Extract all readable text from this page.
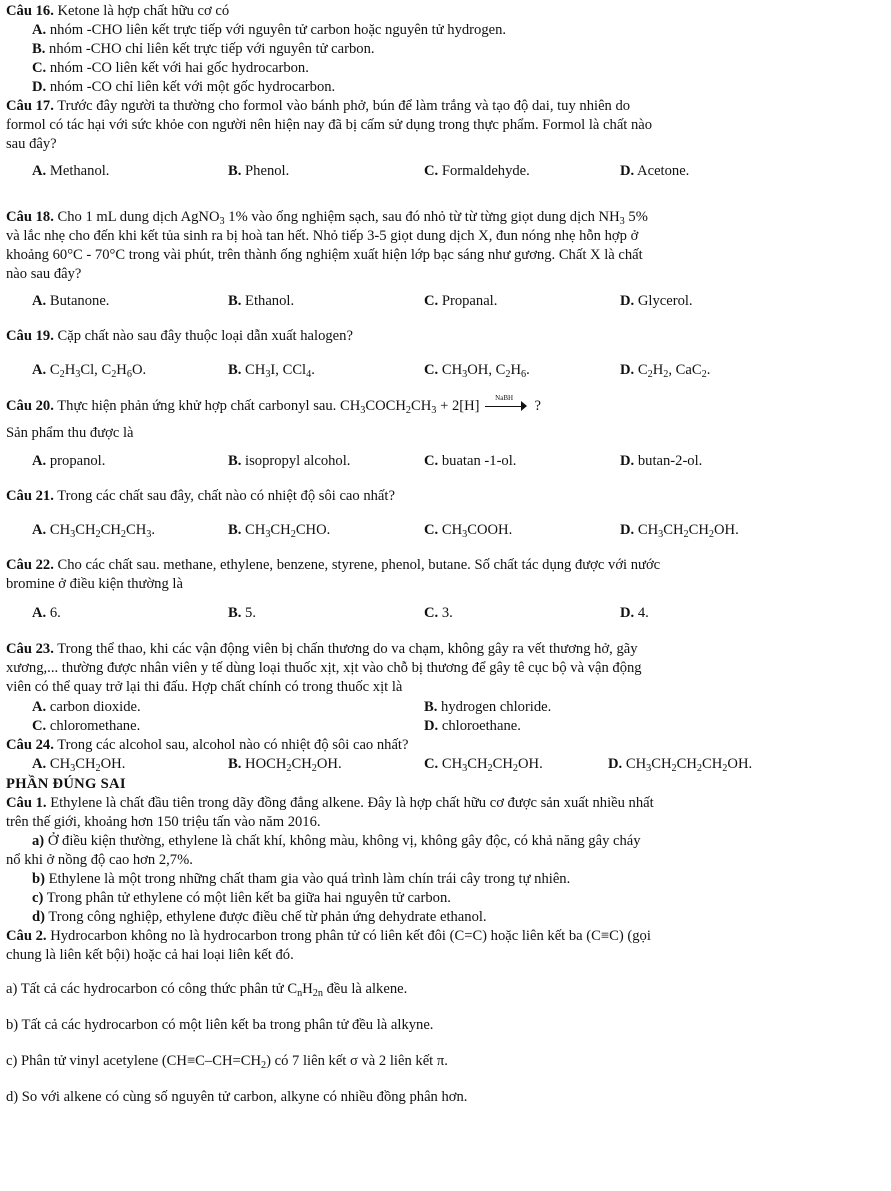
Câu 16. Ketone là hợp chất hữu cơ có
A. nhóm -CHO liên kết trực tiếp với nguyên tử carbon hoặc nguyên tử hydrogen.
B. nhóm -CHO chỉ liên kết trực tiếp với nguyên tử carbon.
C. nhóm -CO liên kết với hai gốc hydrocarbon.
D. nhóm -CO chỉ liên kết với một gốc hydrocarbon.
Câu 17. Trước đây người ta thường cho formol vào bánh phở, bún để làm trắng và tạo độ dai, tuy nhiên do
formol có tác hại với sức khỏe con người nên hiện nay đã bị cấm sử dụng trong thực phẩm. Formol là chất nào
sau đây?
A. Methanol.	B. Phenol.	C. Formaldehyde.	D. Acetone.
Câu 18. Cho 1 mL dung dịch AgNO$_3$ 1% vào ống nghiệm sạch, sau đó nhỏ từ từ từng giọt dung dịch $NH_3$ 5%
và lắc nhẹ cho đến khi kết tủa sinh ra bị hoà tan hết. Nhỏ tiếp 3-5 giọt dung dịch X, đun nóng nhẹ hỗn hợp ở
khoảng 60°C - 70°C trong vài phút, trên thành ống nghiệm xuất hiện lớp bạc sáng như gương. Chất X là chất
nào sau đây?
A. Butanone.	B. Ethanol.	C. Propanal.	D. Glycerol.
Câu 19. Cặp chất nào sau đây thuộc loại dẫn xuất halogen?
A. $C_2H_3Cl$, $C_2H_6O$.	B. $CH_3I$, CCl$_4$.	C. $CH_3OH$, $C_2H_6$.	D. $C_2H_2$, CaC$_2$.
Câu 20. Thực hiện phản ứng khử hợp chất carbonyl sau. $CH_3COCH_2CH_3 + 2[H]$ NaBH ?
Sản phẩm thu được là
A. propanol.	B. isopropyl alcohol.	C. buatan -1-ol.	D. butan-2-ol.
Câu 21. Trong các chất sau đây, chất nào có nhiệt độ sôi cao nhất?
A. $CH_3CH_2CH_2CH_3$.	B. $CH_3CH_2CHO$.	C. $CH_3COOH$.	D. $CH_3CH_2CH_2OH$.
Câu 22. Cho các chất sau. methane, ethylene, benzene, styrene, phenol, butane. Số chất tác dụng được với nước
bromine ở điều kiện thường là
A. 6.	B. 5.	C. 3.	D. 4.
Câu 23. Trong thể thao, khi các vận động viên bị chấn thương do va chạm, không gây ra vết thương hở, gãy
xương,... thường được nhân viên y tế dùng loại thuốc xịt, xịt vào chỗ bị thương để gây tê cục bộ và vận động
viên có thể quay trở lại thi đấu. Hợp chất chính có trong thuốc xịt là
A. carbon dioxide.	B. hydrogen chloride.
C. chloromethane.	D. chloroethane.
Câu 24. Trong các alcohol sau, alcohol nào có nhiệt độ sôi cao nhất?
A. $CH_3CH_2OH$.	B. $HOCH_2CH_2OH$.	C. $CH_3CH_2CH_2OH$.	D. $CH_3CH_2CH_2CH_2OH$.
PHẦN ĐÚNG SAI
Câu 1. Ethylene là chất đầu tiên trong dãy đồng đẳng alkene. Đây là hợp chất hữu cơ được sản xuất nhiều nhất
trên thế giới, khoảng hơn 150 triệu tấn vào năm 2016.
a) Ở điều kiện thường, ethylene là chất khí, không màu, không vị, không gây độc, có khả năng gây cháy
nổ khi ở nồng độ cao hơn 2,7%.
b) Ethylene là một trong những chất tham gia vào quá trình làm chín trái cây trong tự nhiên.
c) Trong phân tử ethylene có một liên kết ba giữa hai nguyên tử carbon.
d) Trong công nghiệp, ethylene được điều chế từ phản ứng dehydrate ethanol.
Câu 2. Hydrocarbon không no là hydrocarbon trong phân tử có liên kết đôi (C=C) hoặc liên kết ba (C≡C) (gọi
chung là liên kết bội) hoặc cả hai loại liên kết đó.
a) Tất cả các hydrocarbon có công thức phân tử $C_nH_{2n}$ đều là alkene.
b) Tất cả các hydrocarbon có một liên kết ba trong phân tử đều là alkyne.
c) Phân tử vinyl acetylene $(CH\equiv C-CH=CH_2)$ có 7 liên kết σ và 2 liên kết π.
d) So với alkene có cùng số nguyên tử carbon, alkyne có nhiều đồng phân hơn.
